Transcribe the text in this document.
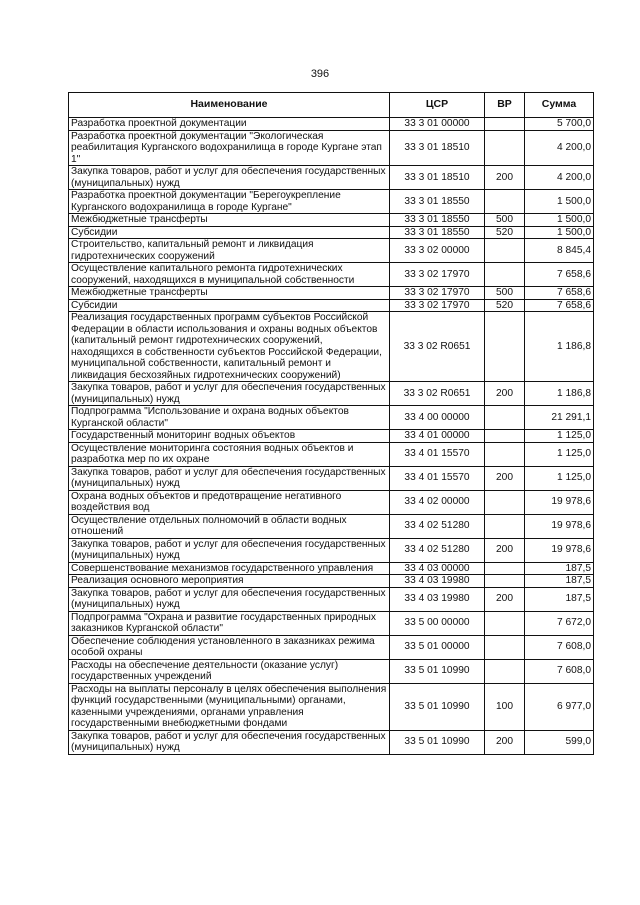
396
Наименование	ЦСР	ВР	Сумма
Разработка проектной документации	33 3 01 00000		5 700,0
Разработка проектной документации "Экологическая реабилитация Курганского водохранилища в городе Кургане этап 1"	33 3 01 18510		4 200,0
Закупка товаров, работ и услуг для обеспечения государственных (муниципальных) нужд	33 3 01 18510	200	4 200,0
Разработка проектной документации "Берегоукрепление Курганского водохранилища в городе Кургане"	33 3 01 18550		1 500,0
Межбюджетные трансферты	33 3 01 18550	500	1 500,0
Субсидии	33 3 01 18550	520	1 500,0
Строительство, капитальный ремонт и ликвидация гидротехнических сооружений	33 3 02 00000		8 845,4
Осуществление капитального ремонта гидротехнических сооружений, находящихся в муниципальной собственности	33 3 02 17970		7 658,6
Межбюджетные трансферты	33 3 02 17970	500	7 658,6
Субсидии	33 3 02 17970	520	7 658,6
Реализация государственных программ субъектов Российской Федерации в области использования и охраны водных объектов (капитальный ремонт гидротехнических сооружений, находящихся в собственности субъектов Российской Федерации, муниципальной собственности, капитальный ремонт и ликвидация бесхозяйных гидротехнических сооружений)	33 3 02 R0651		1 186,8
Закупка товаров, работ и услуг для обеспечения государственных (муниципальных) нужд	33 3 02 R0651	200	1 186,8
Подпрограмма "Использование и охрана водных объектов Курганской области"	33 4 00 00000		21 291,1
Государственный мониторинг водных объектов	33 4 01 00000		1 125,0
Осуществление мониторинга состояния водных объектов и разработка мер по их охране	33 4 01 15570		1 125,0
Закупка товаров, работ и услуг для обеспечения государственных (муниципальных) нужд	33 4 01 15570	200	1 125,0
Охрана водных объектов и предотвращение негативного воздействия вод	33 4 02 00000		19 978,6
Осуществление отдельных полномочий в области водных отношений	33 4 02 51280		19 978,6
Закупка товаров, работ и услуг для обеспечения государственных (муниципальных) нужд	33 4 02 51280	200	19 978,6
Совершенствование механизмов государственного управления	33 4 03 00000		187,5
Реализация основного мероприятия	33 4 03 19980		187,5
Закупка товаров, работ и услуг для обеспечения государственных (муниципальных) нужд	33 4 03 19980	200	187,5
Подпрограмма "Охрана и развитие государственных природных заказников Курганской области"	33 5 00 00000		7 672,0
Обеспечение соблюдения установленного в заказниках режима особой охраны	33 5 01 00000		7 608,0
Расходы на обеспечение деятельности (оказание услуг) государственных учреждений	33 5 01 10990		7 608,0
Расходы на выплаты персоналу в целях обеспечения выполнения функций государственными (муниципальными) органами, казенными учреждениями, органами управления государственными внебюджетными фондами	33 5 01 10990	100	6 977,0
Закупка товаров, работ и услуг для обеспечения государственных (муниципальных) нужд	33 5 01 10990	200	599,0
